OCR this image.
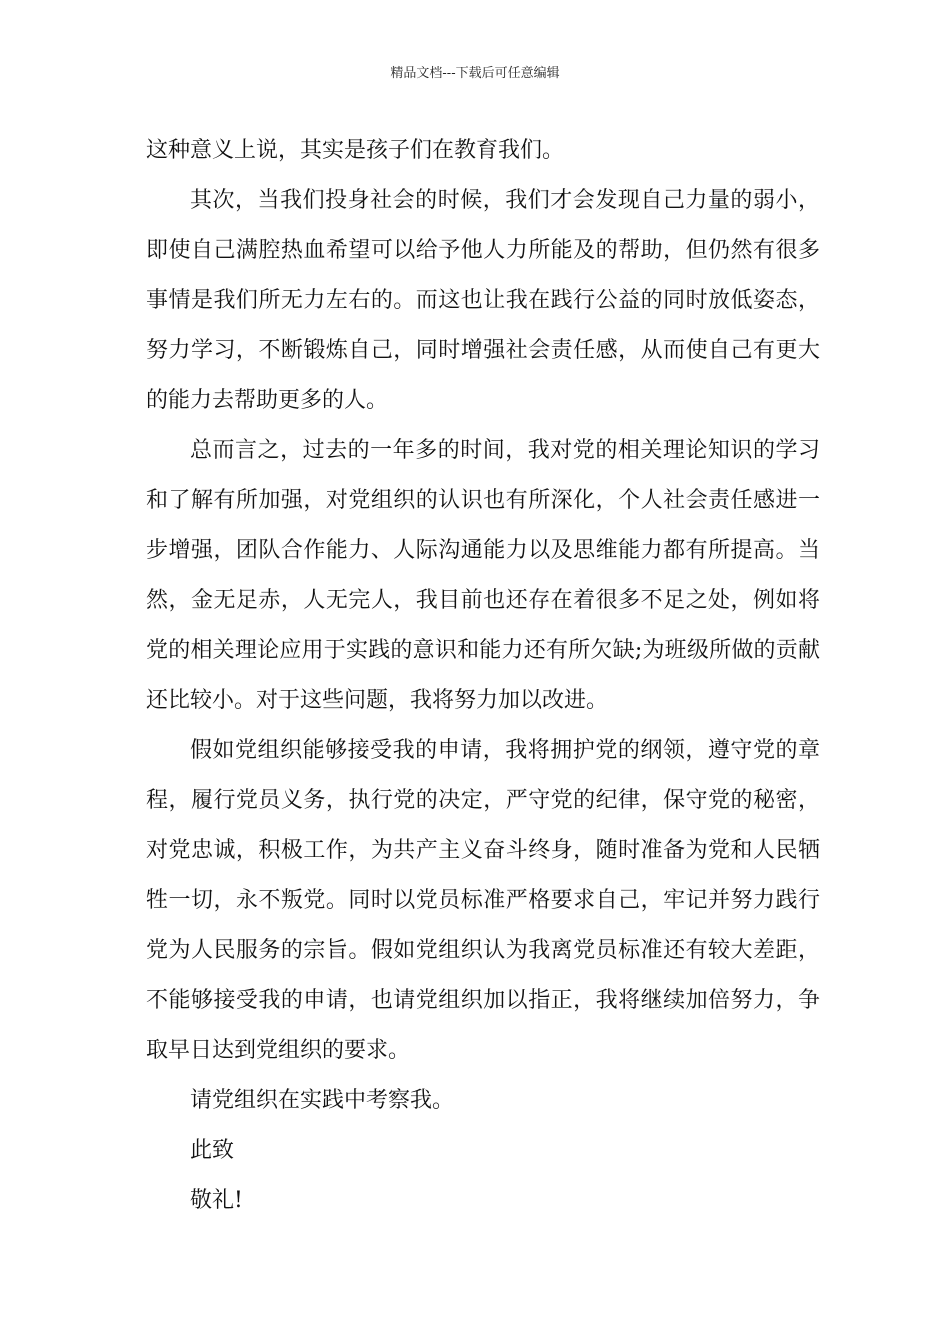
精品文档---下载后可任意编辑

这种意义上说，其实是孩子们在教育我们。

其次，当我们投身社会的时候，我们才会发现自己力量的弱小，即使自己满腔热血希望可以给予他人力所能及的帮助，但仍然有很多事情是我们所无力左右的。而这也让我在践行公益的同时放低姿态，努力学习，不断锻炼自己，同时增强社会责任感，从而使自己有更大的能力去帮助更多的人。

总而言之，过去的一年多的时间，我对党的相关理论知识的学习和了解有所加强，对党组织的认识也有所深化，个人社会责任感进一步增强，团队合作能力、人际沟通能力以及思维能力都有所提高。当然，金无足赤，人无完人，我目前也还存在着很多不足之处，例如将党的相关理论应用于实践的意识和能力还有所欠缺;为班级所做的贡献还比较小。对于这些问题，我将努力加以改进。

假如党组织能够接受我的申请，我将拥护党的纲领，遵守党的章程，履行党员义务，执行党的决定，严守党的纪律，保守党的秘密，对党忠诚，积极工作，为共产主义奋斗终身，随时准备为党和人民牺牲一切，永不叛党。同时以党员标准严格要求自己，牢记并努力践行党为人民服务的宗旨。假如党组织认为我离党员标准还有较大差距，不能够接受我的申请，也请党组织加以指正，我将继续加倍努力，争取早日达到党组织的要求。

请党组织在实践中考察我。

此致

敬礼!
